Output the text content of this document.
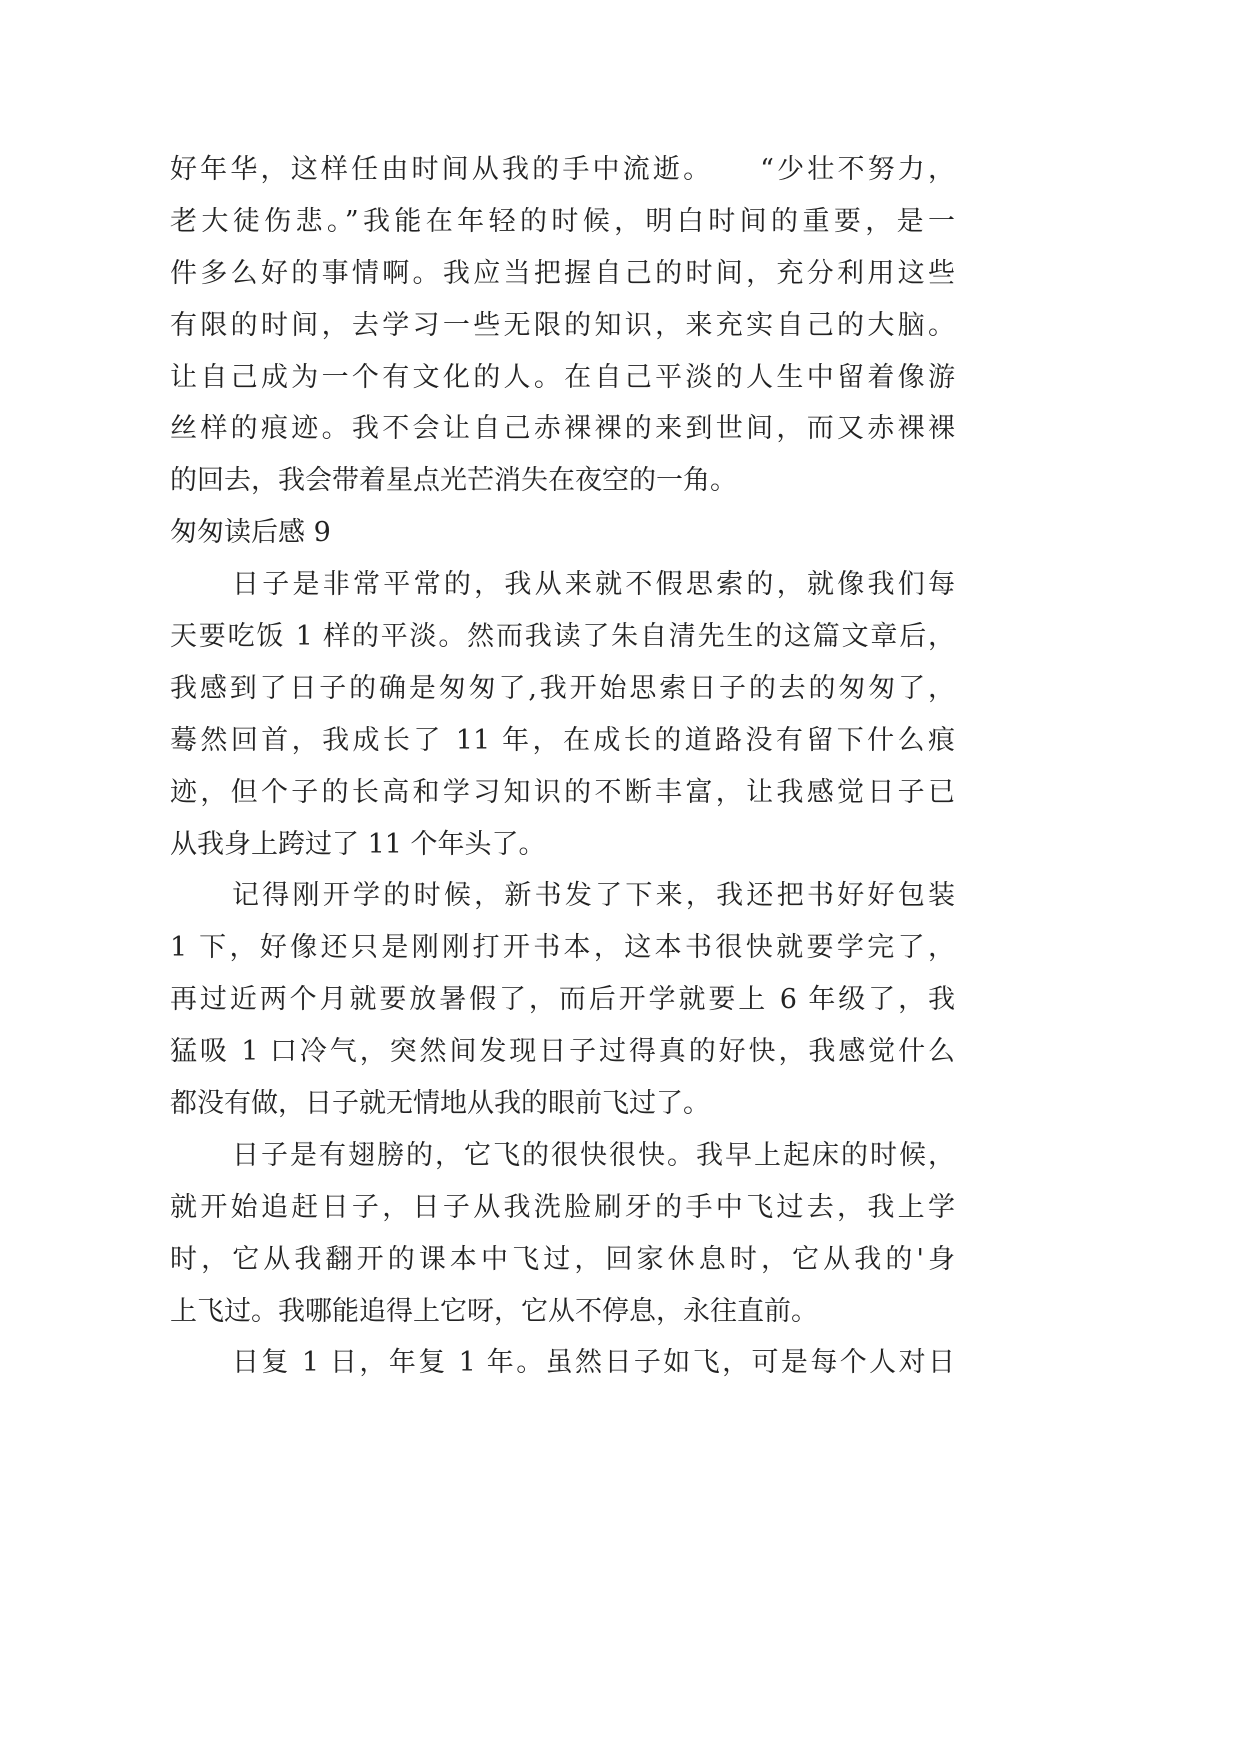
好年华，这样任由时间从我的手中流逝。　　“少壮不努力，
老大徒伤悲。”我能在年轻的时候，明白时间的重要，是一
件多么好的事情啊。我应当把握自己的时间，充分利用这些
有限的时间，去学习一些无限的知识，来充实自己的大脑。
让自己成为一个有文化的人。在自己平淡的人生中留着像游
丝样的痕迹。我不会让自己赤裸裸的来到世间，而又赤裸裸
的回去，我会带着星点光芒消失在夜空的一角。
匆匆读后感 9
日子是非常平常的，我从来就不假思索的，就像我们每
天要吃饭 1 样的平淡。然而我读了朱自清先生的这篇文章后，
我感到了日子的确是匆匆了,我开始思索日子的去的匆匆了，
蓦然回首，我成长了 11 年，在成长的道路没有留下什么痕
迹，但个子的长高和学习知识的不断丰富，让我感觉日子已
从我身上跨过了 11 个年头了。
记得刚开学的时候，新书发了下来，我还把书好好包装
1 下，好像还只是刚刚打开书本，这本书很快就要学完了，
再过近两个月就要放暑假了，而后开学就要上 6 年级了，我
猛吸 1 口冷气，突然间发现日子过得真的好快，我感觉什么
都没有做，日子就无情地从我的眼前飞过了。
日子是有翅膀的，它飞的很快很快。我早上起床的时候，
就开始追赶日子，日子从我洗脸刷牙的手中飞过去，我上学
时，它从我翻开的课本中飞过，回家休息时，它从我的'身
上飞过。我哪能追得上它呀，它从不停息，永往直前。
日复 1 日，年复 1 年。虽然日子如飞，可是每个人对日
